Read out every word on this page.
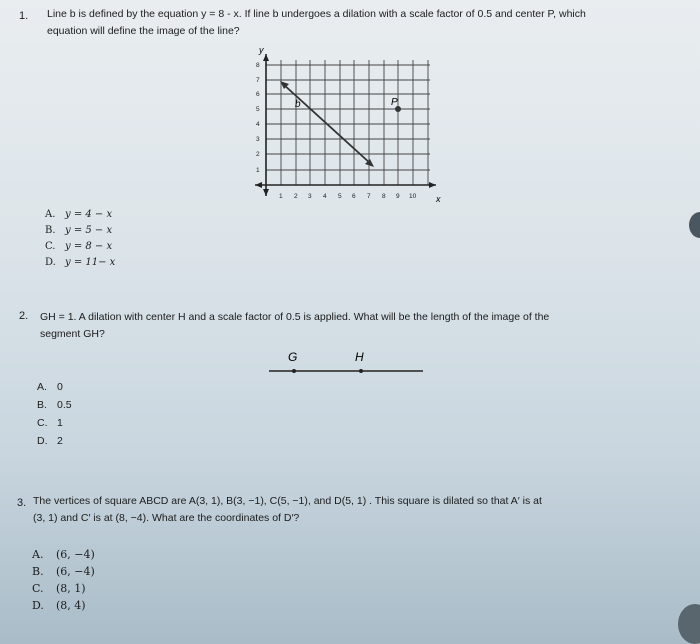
1. Line b is defined by the equation y = 8 - x. If line b undergoes a dilation with a scale factor of 0.5 and center P, which
equation will define the image of the line?
y
x
8
7
6
5
4
3
2
1
1 2 3 4 5 6 7 8 9 10
b	P
A. y = 4 − x
B. y = 5 − x
C. y = 8 − x
D. y = 11− x
2. GH = 1. A dilation with center H and a scale factor of 0.5 is applied. What will be the length of the image of the
segment GH?
G	H
A. 0
B. 0.5
C. 1
D. 2
3. The vertices of square ABCD are A(3, 1), B(3, −1), C(5, −1), and D(5, 1) . This square is dilated so that A′ is at
(3, 1) and C′ is at (8, −4). What are the coordinates of D′?
A.	(6, −4)
B.	(6, −4)
C.	(8, 1)
D.	(8, 4)
